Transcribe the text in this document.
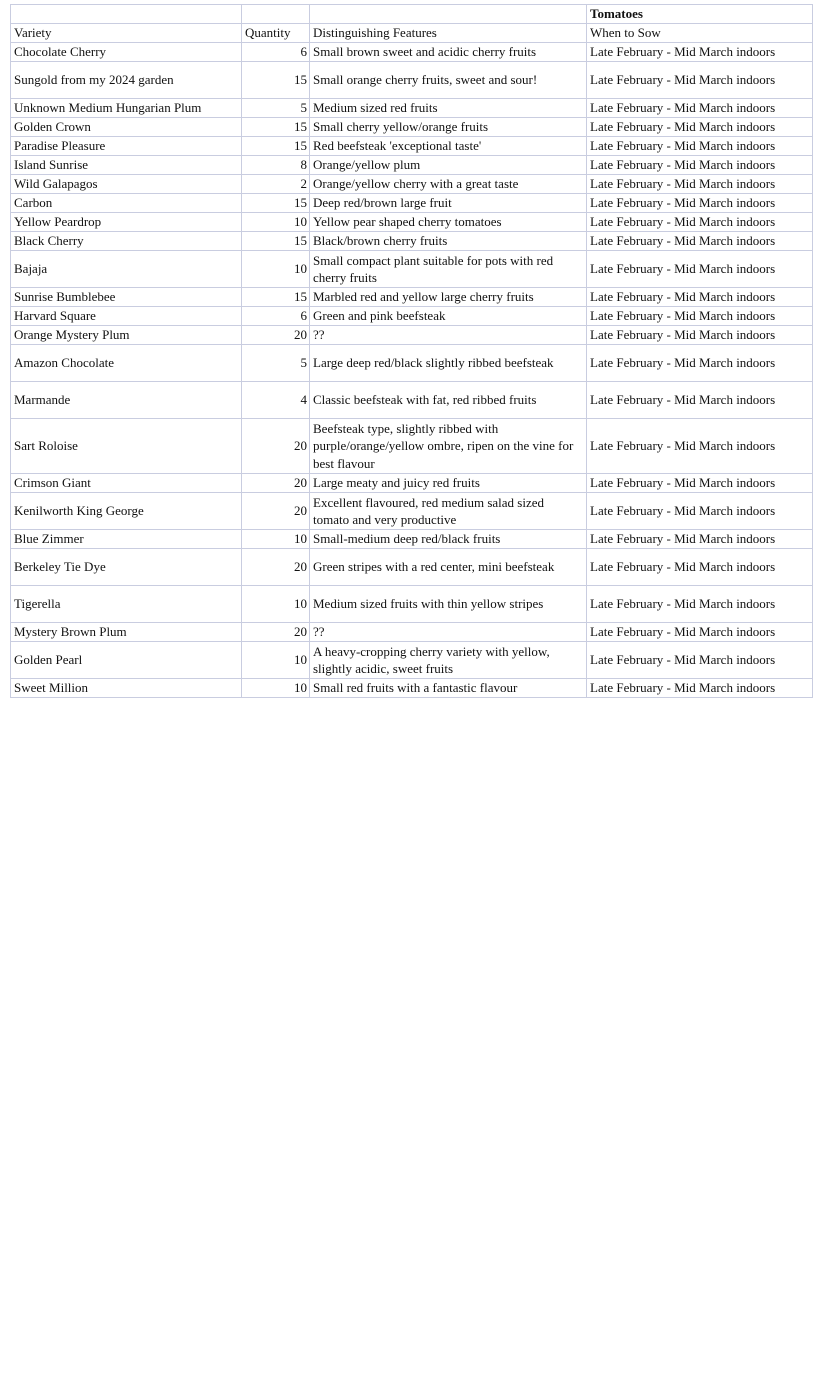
			Tomatoes
Variety	Quantity	Distinguishing Features	When to Sow
Chocolate Cherry	6	Small brown sweet and acidic cherry fruits	Late February - Mid March indoors
Sungold from my 2024 garden	15	Small orange cherry fruits, sweet and sour!	Late February - Mid March indoors
Unknown Medium Hungarian Plum	5	Medium sized red fruits	Late February - Mid March indoors
Golden Crown	15	Small cherry yellow/orange fruits	Late February - Mid March indoors
Paradise Pleasure	15	Red beefsteak 'exceptional taste'	Late February - Mid March indoors
Island Sunrise	8	Orange/yellow plum	Late February - Mid March indoors
Wild Galapagos	2	Orange/yellow cherry with a great taste	Late February - Mid March indoors
Carbon	15	Deep red/brown large fruit	Late February - Mid March indoors
Yellow Peardrop	10	Yellow pear shaped cherry tomatoes	Late February - Mid March indoors
Black Cherry	15	Black/brown cherry fruits	Late February - Mid March indoors
Bajaja	10	Small compact plant suitable for pots with red cherry fruits	Late February - Mid March indoors
Sunrise Bumblebee	15	Marbled red and yellow large cherry fruits	Late February - Mid March indoors
Harvard Square	6	Green and pink beefsteak	Late February - Mid March indoors
Orange Mystery Plum	20	??	Late February - Mid March indoors
Amazon Chocolate	5	Large deep red/black slightly ribbed beefsteak	Late February - Mid March indoors
Marmande	4	Classic beefsteak with fat, red ribbed fruits	Late February - Mid March indoors
Sart Roloise	20	Beefsteak type, slightly ribbed with purple/orange/yellow ombre, ripen on the vine for best flavour	Late February - Mid March indoors
Crimson Giant	20	Large meaty and juicy red fruits	Late February - Mid March indoors
Kenilworth King George	20	Excellent flavoured, red medium salad sized tomato and very productive	Late February - Mid March indoors
Blue Zimmer	10	Small-medium deep red/black fruits	Late February - Mid March indoors
Berkeley Tie Dye	20	Green stripes with a red center, mini beefsteak	Late February - Mid March indoors
Tigerella	10	Medium sized fruits with thin yellow stripes	Late February - Mid March indoors
Mystery Brown Plum	20	??	Late February - Mid March indoors
Golden Pearl	10	A heavy-cropping cherry variety with yellow, slightly acidic, sweet fruits	Late February - Mid March indoors
Sweet Million	10	Small red fruits with a fantastic flavour	Late February - Mid March indoors
